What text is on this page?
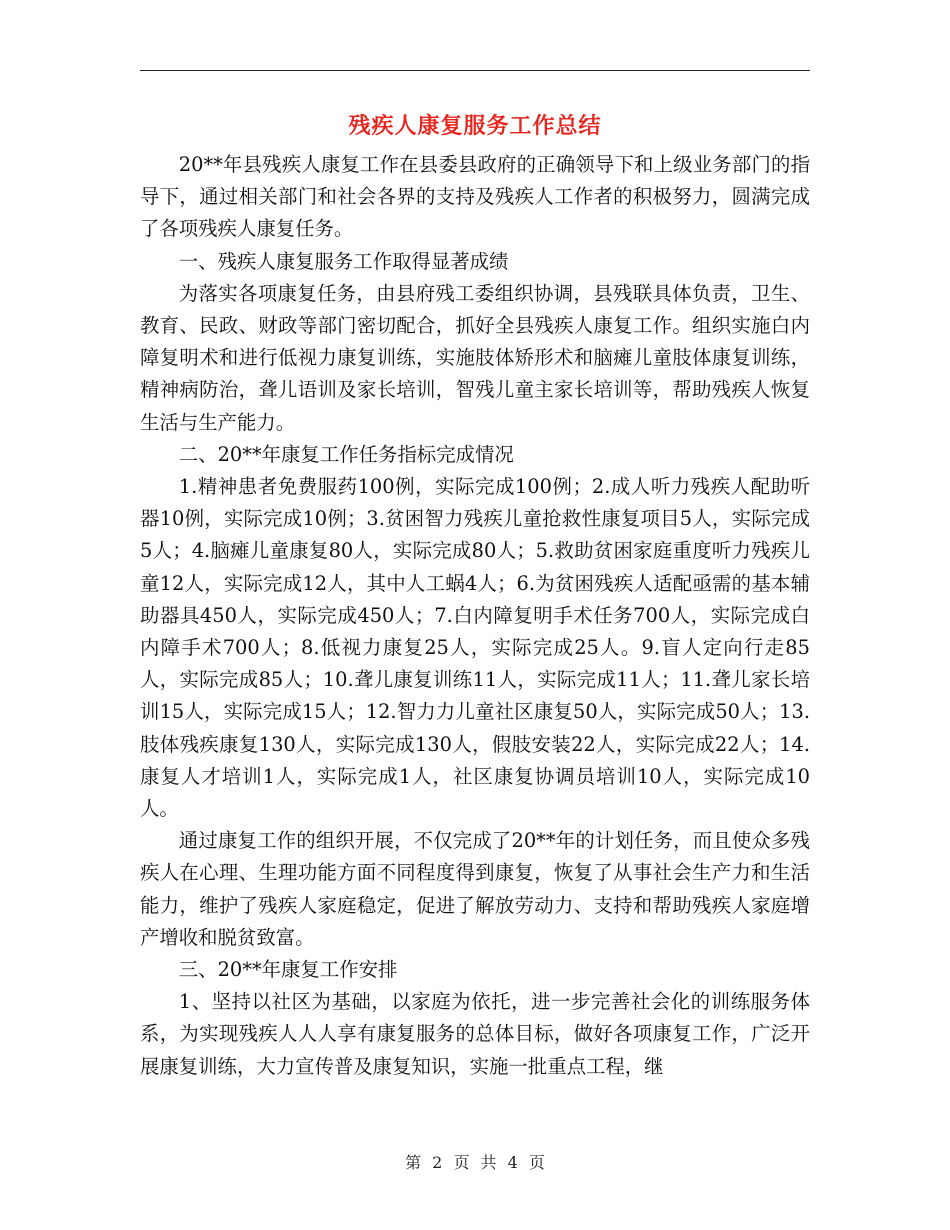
残疾人康复服务工作总结

20**年县残疾人康复工作在县委县政府的正确领导下和上级业务部门的指导下，通过相关部门和社会各界的支持及残疾人工作者的积极努力，圆满完成了各项残疾人康复任务。

一、残疾人康复服务工作取得显著成绩

为落实各项康复任务，由县府残工委组织协调，县残联具体负责，卫生、教育、民政、财政等部门密切配合，抓好全县残疾人康复工作。组织实施白内障复明术和进行低视力康复训练，实施肢体矫形术和脑瘫儿童肢体康复训练，精神病防治，聋儿语训及家长培训，智残儿童主家长培训等，帮助残疾人恢复生活与生产能力。

二、20**年康复工作任务指标完成情况

1.精神患者免费服药100例，实际完成100例；2.成人听力残疾人配助听器10例，实际完成10例；3.贫困智力残疾儿童抢救性康复项目5人，实际完成5人；4.脑瘫儿童康复80人，实际完成80人；5.救助贫困家庭重度听力残疾儿童12人，实际完成12人，其中人工蜗4人；6.为贫困残疾人适配亟需的基本辅助器具450人，实际完成450人；7.白内障复明手术任务700人，实际完成白内障手术700人；8.低视力康复25人，实际完成25人。9.盲人定向行走85人，实际完成85人；10.聋儿康复训练11人，实际完成11人；11.聋儿家长培训15人，实际完成15人；12.智力力儿童社区康复50人，实际完成50人；13.肢体残疾康复130人，实际完成130人，假肢安装22人，实际完成22人；14.康复人才培训1人，实际完成1人，社区康复协调员培训10人，实际完成10人。

通过康复工作的组织开展，不仅完成了20**年的计划任务，而且使众多残疾人在心理、生理功能方面不同程度得到康复，恢复了从事社会生产力和生活能力，维护了残疾人家庭稳定，促进了解放劳动力、支持和帮助残疾人家庭增产增收和脱贫致富。

三、20**年康复工作安排

1、坚持以社区为基础，以家庭为依托，进一步完善社会化的训练服务体系，为实现残疾人人人享有康复服务的总体目标，做好各项康复工作，广泛开展康复训练，大力宣传普及康复知识，实施一批重点工程，继

第 2 页 共 4 页
